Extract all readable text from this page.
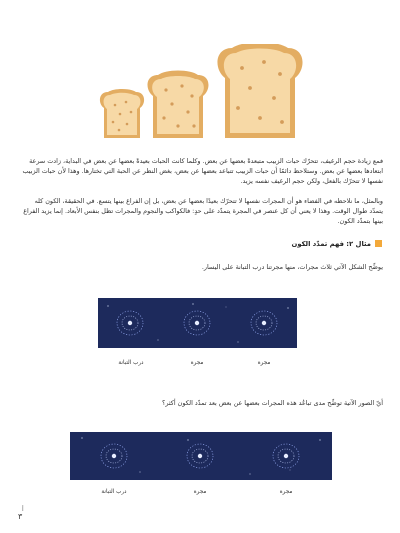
فمع زيادة حجم الرغيف، تتحرّك حبات الزبيب متبعدةً بعضها عن بعض. وكلما كانت الحبات بعيدةً بعضها عن بعض في البداية، زادت سرعة ابتعادها بعضها عن بعض. وستلاحظ دائمًا أن حبات الزبيب تتباعد بعضها عن بعض، بغض النظر عن الحبة التي تختارها. وهذا لأن حبات الزبيب نفسها لا تتحرّك بالفعل، ولكن حجم الرغيف نفسه يزيد.
وبالمثل، ما نلاحظه في الفضاء هو أن المجرات نفسها لا تتحرّك بعيدًا بعضها عن بعض، بل إن الفراغ بينها يتسع. في الحقيقة، الكون كله يتمدّد طوال الوقت. وهذا لا يعني أن كل عنصر في المجرة يتمدّد على حدٍ: فالكواكب والنجوم والمجرات تظل بنفس الأبعاد. إنما يزيد الفراغ بينها بتمدّد الكون.
مثال ٢: فهم تمدّد الكون
يوضِّح الشكل الآتي ثلاث مجرات، منها مجرتنا درب التبانة على اليسار.
درب التبانة	مجرة	مجرة
أيّ الصور الآتية توضِّح مدى تباعُد هذه المجرات بعضها عن بعض بعد تمدّد الكون أكثر؟
درب التبانة	مجرة	مجرة
أ
٣
